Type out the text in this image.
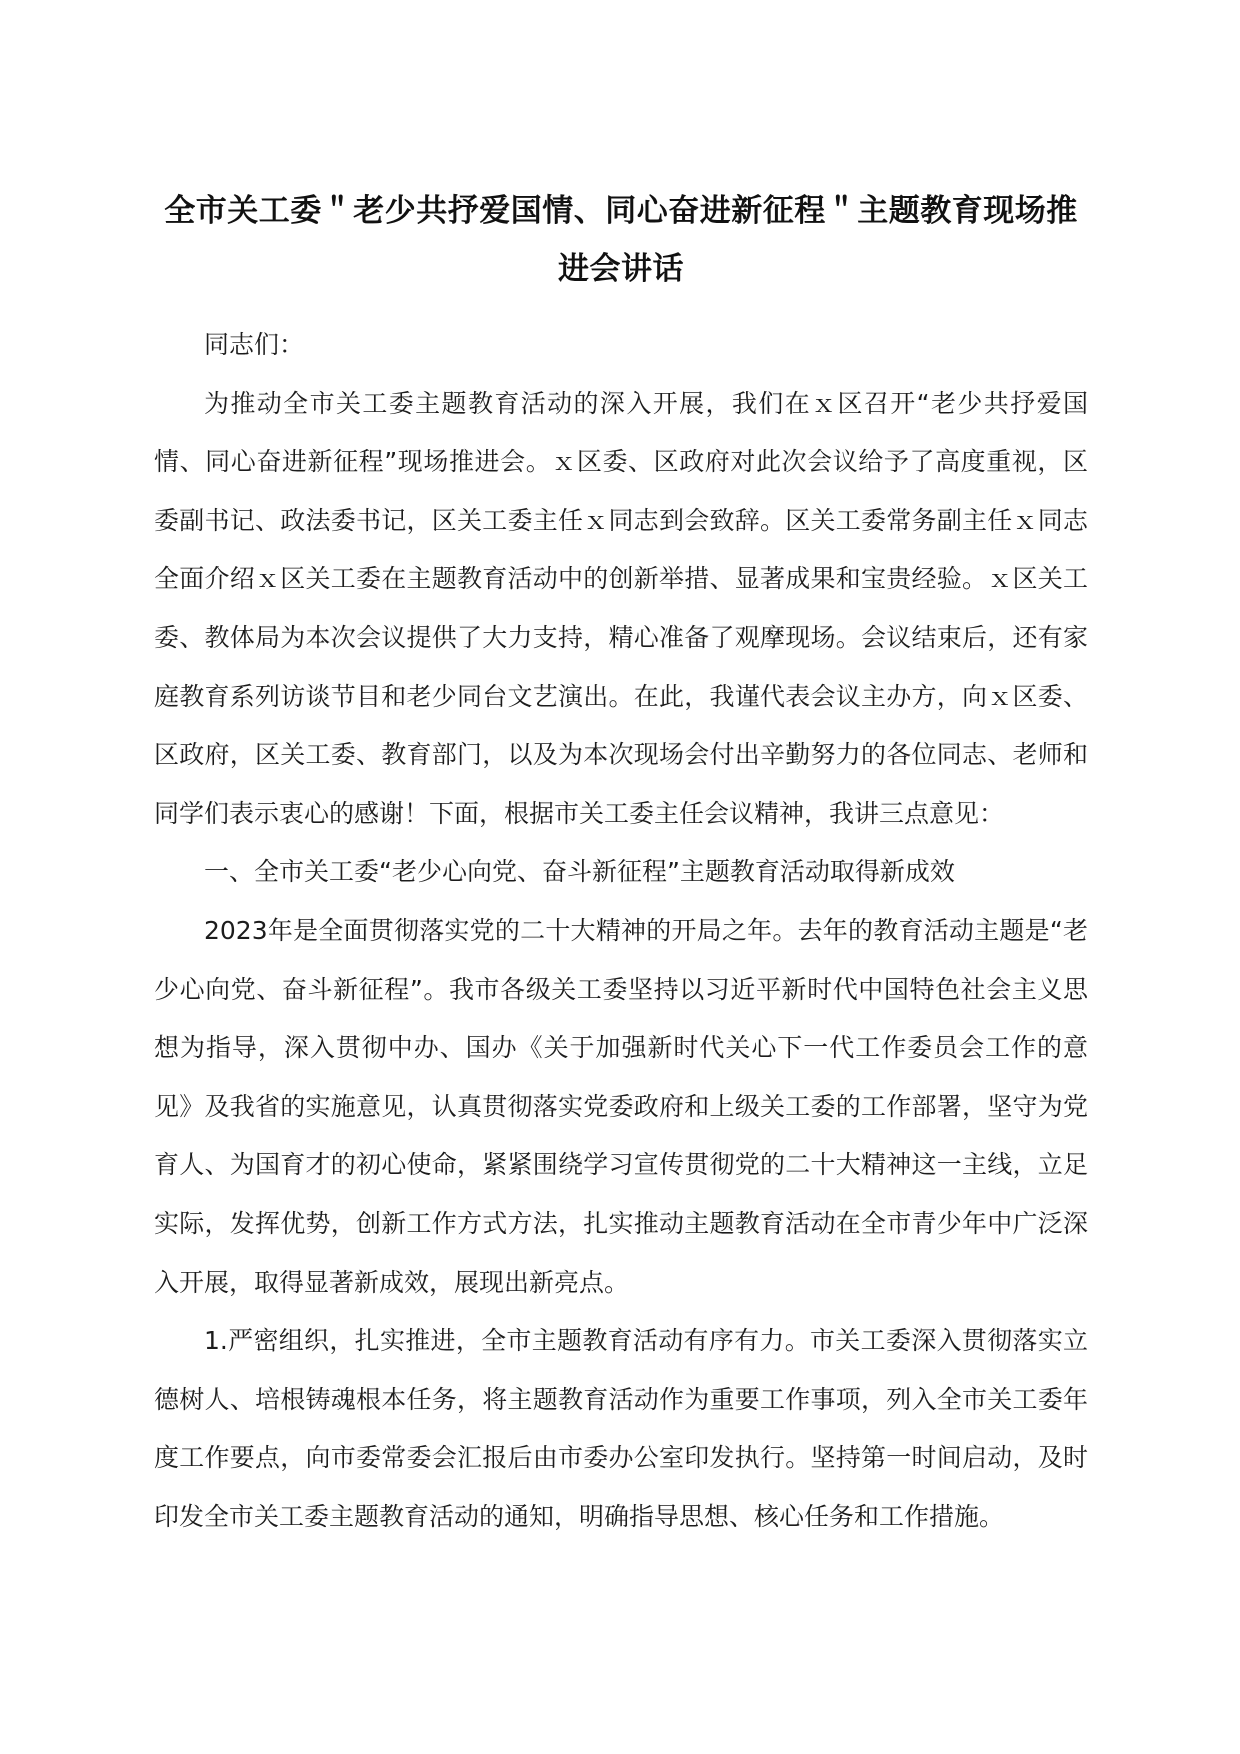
全市关工委＂老少共抒爱国情、同心奋进新征程＂主题教育现场推进会讲话

同志们：

为推动全市关工委主题教育活动的深入开展，我们在ｘ区召开“老少共抒爱国情、同心奋进新征程”现场推进会。ｘ区委、区政府对此次会议给予了高度重视，区委副书记、政法委书记，区关工委主任ｘ同志到会致辞。区关工委常务副主任ｘ同志全面介绍ｘ区关工委在主题教育活动中的创新举措、显著成果和宝贵经验。ｘ区关工委、教体局为本次会议提供了大力支持，精心准备了观摩现场。会议结束后，还有家庭教育系列访谈节目和老少同台文艺演出。在此，我谨代表会议主办方，向ｘ区委、区政府，区关工委、教育部门，以及为本次现场会付出辛勤努力的各位同志、老师和同学们表示衷心的感谢！下面，根据市关工委主任会议精神，我讲三点意见：

一、全市关工委“老少心向党、奋斗新征程”主题教育活动取得新成效

2023年是全面贯彻落实党的二十大精神的开局之年。去年的教育活动主题是“老少心向党、奋斗新征程”。我市各级关工委坚持以习近平新时代中国特色社会主义思想为指导，深入贯彻中办、国办《关于加强新时代关心下一代工作委员会工作的意见》及我省的实施意见，认真贯彻落实党委政府和上级关工委的工作部署，坚守为党育人、为国育才的初心使命，紧紧围绕学习宣传贯彻党的二十大精神这一主线，立足实际，发挥优势，创新工作方式方法，扎实推动主题教育活动在全市青少年中广泛深入开展，取得显著新成效，展现出新亮点。

1.严密组织，扎实推进，全市主题教育活动有序有力。市关工委深入贯彻落实立德树人、培根铸魂根本任务，将主题教育活动作为重要工作事项，列入全市关工委年度工作要点，向市委常委会汇报后由市委办公室印发执行。坚持第一时间启动，及时印发全市关工委主题教育活动的通知，明确指导思想、核心任务和工作措施。
